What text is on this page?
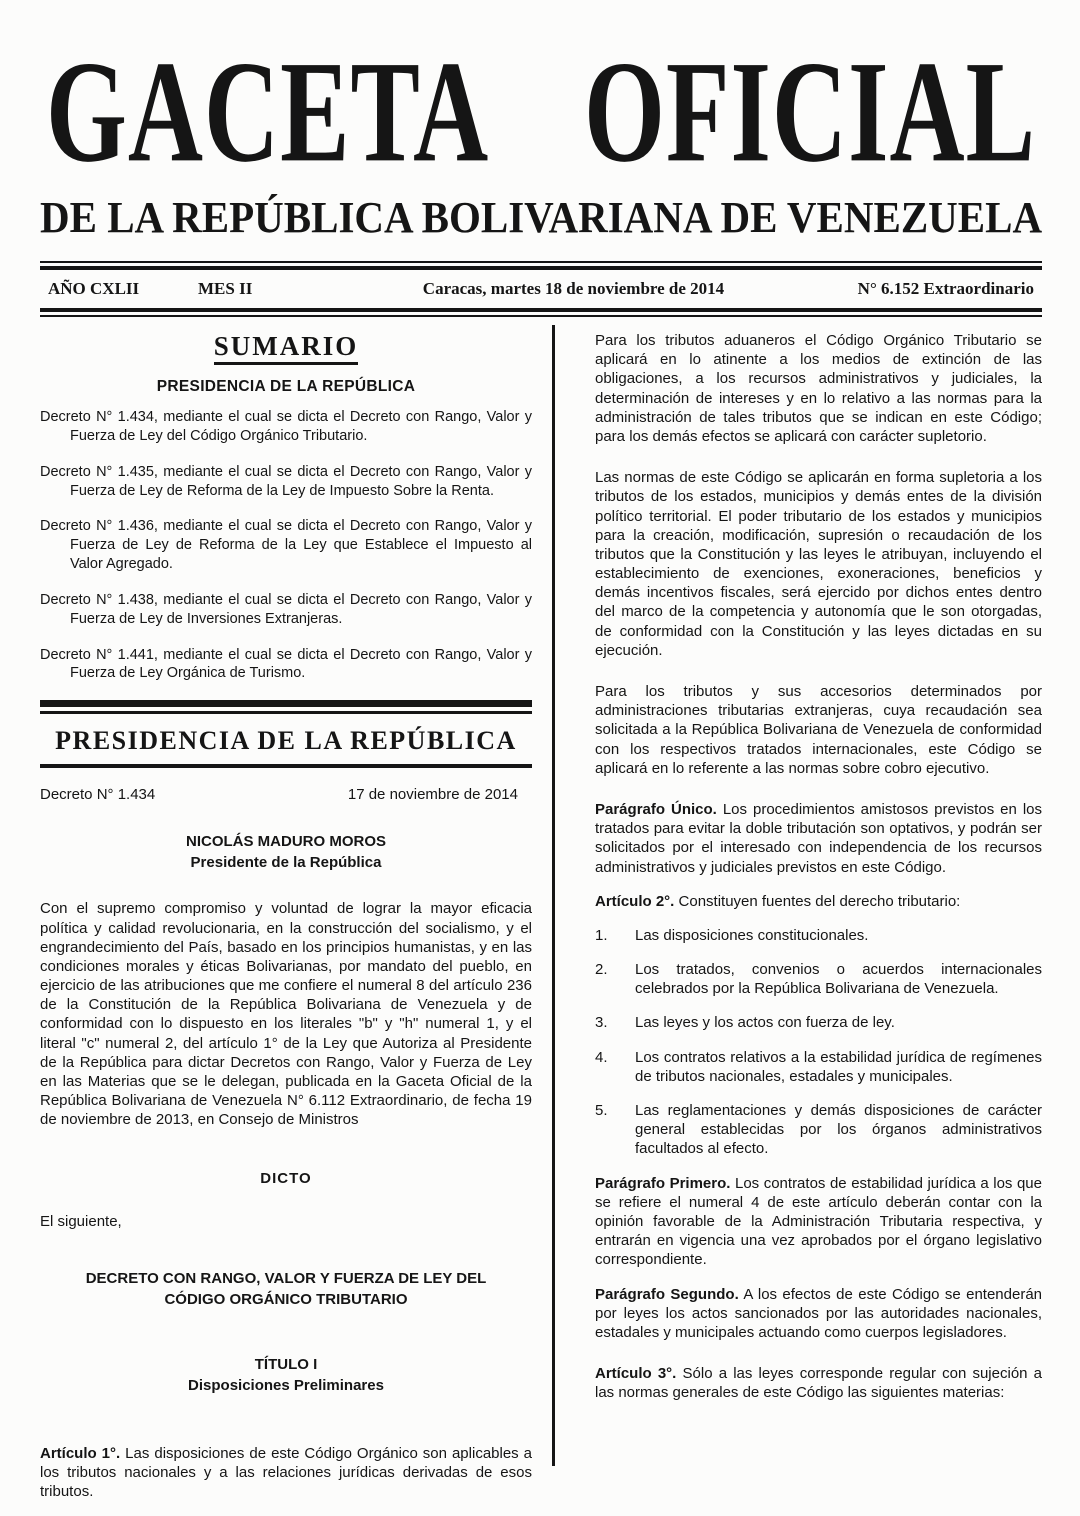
GACETA OFICIAL
DE LA REPÚBLICA BOLIVARIANA DE VENEZUELA
AÑO CXLII	MES II	Caracas, martes 18 de noviembre de 2014	N° 6.152 Extraordinario
SUMARIO
PRESIDENCIA DE LA REPÚBLICA

Decreto N° 1.434, mediante el cual se dicta el Decreto con Rango, Valor y Fuerza de Ley del Código Orgánico Tributario.

Decreto N° 1.435, mediante el cual se dicta el Decreto con Rango, Valor y Fuerza de Ley de Reforma de la Ley de Impuesto Sobre la Renta.

Decreto N° 1.436, mediante el cual se dicta el Decreto con Rango, Valor y Fuerza de Ley de Reforma de la Ley que Establece el Impuesto al Valor Agregado.

Decreto N° 1.438, mediante el cual se dicta el Decreto con Rango, Valor y Fuerza de Ley de Inversiones Extranjeras.

Decreto N° 1.441, mediante el cual se dicta el Decreto con Rango, Valor y Fuerza de Ley Orgánica de Turismo.

PRESIDENCIA DE LA REPÚBLICA
Decreto N° 1.434	17 de noviembre de 2014
NICOLÁS MADURO MOROS
Presidente de la República

Con el supremo compromiso y voluntad de lograr la mayor eficacia política y calidad revolucionaria, en la construcción del socialismo, y el engrandecimiento del País, basado en los principios humanistas, y en las condiciones morales y éticas Bolivarianas, por mandato del pueblo, en ejercicio de las atribuciones que me confiere el numeral 8 del artículo 236 de la Constitución de la República Bolivariana de Venezuela y de conformidad con lo dispuesto en los literales "b" y "h" numeral 1, y el literal "c" numeral 2, del artículo 1° de la Ley que Autoriza al Presidente de la República para dictar Decretos con Rango, Valor y Fuerza de Ley en las Materias que se le delegan, publicada en la Gaceta Oficial de la República Bolivariana de Venezuela N° 6.112 Extraordinario, de fecha 19 de noviembre de 2013, en Consejo de Ministros

DICTO
El siguiente,
DECRETO CON RANGO, VALOR Y FUERZA DE LEY DEL CÓDIGO ORGÁNICO TRIBUTARIO
TÍTULO I
Disposiciones Preliminares

Artículo 1°. Las disposiciones de este Código Orgánico son aplicables a los tributos nacionales y a las relaciones jurídicas derivadas de esos tributos.

Para los tributos aduaneros el Código Orgánico Tributario se aplicará en lo atinente a los medios de extinción de las obligaciones, a los recursos administrativos y judiciales, la determinación de intereses y en lo relativo a las normas para la administración de tales tributos que se indican en este Código; para los demás efectos se aplicará con carácter supletorio.

Las normas de este Código se aplicarán en forma supletoria a los tributos de los estados, municipios y demás entes de la división político territorial. El poder tributario de los estados y municipios para la creación, modificación, supresión o recaudación de los tributos que la Constitución y las leyes le atribuyan, incluyendo el establecimiento de exenciones, exoneraciones, beneficios y demás incentivos fiscales, será ejercido por dichos entes dentro del marco de la competencia y autonomía que le son otorgadas, de conformidad con la Constitución y las leyes dictadas en su ejecución.

Para los tributos y sus accesorios determinados por administraciones tributarias extranjeras, cuya recaudación sea solicitada a la República Bolivariana de Venezuela de conformidad con los respectivos tratados internacionales, este Código se aplicará en lo referente a las normas sobre cobro ejecutivo.

Parágrafo Único. Los procedimientos amistosos previstos en los tratados para evitar la doble tributación son optativos, y podrán ser solicitados por el interesado con independencia de los recursos administrativos y judiciales previstos en este Código.

Artículo 2°. Constituyen fuentes del derecho tributario:

1.	Las disposiciones constitucionales.
2.	Los tratados, convenios o acuerdos internacionales celebrados por la República Bolivariana de Venezuela.
3.	Las leyes y los actos con fuerza de ley.
4.	Los contratos relativos a la estabilidad jurídica de regímenes de tributos nacionales, estadales y municipales.
5.	Las reglamentaciones y demás disposiciones de carácter general establecidas por los órganos administrativos facultados al efecto.

Parágrafo Primero. Los contratos de estabilidad jurídica a los que se refiere el numeral 4 de este artículo deberán contar con la opinión favorable de la Administración Tributaria respectiva, y entrarán en vigencia una vez aprobados por el órgano legislativo correspondiente.

Parágrafo Segundo. A los efectos de este Código se entenderán por leyes los actos sancionados por las autoridades nacionales, estadales y municipales actuando como cuerpos legisladores.

Artículo 3°. Sólo a las leyes corresponde regular con sujeción a las normas generales de este Código las siguientes materias:
